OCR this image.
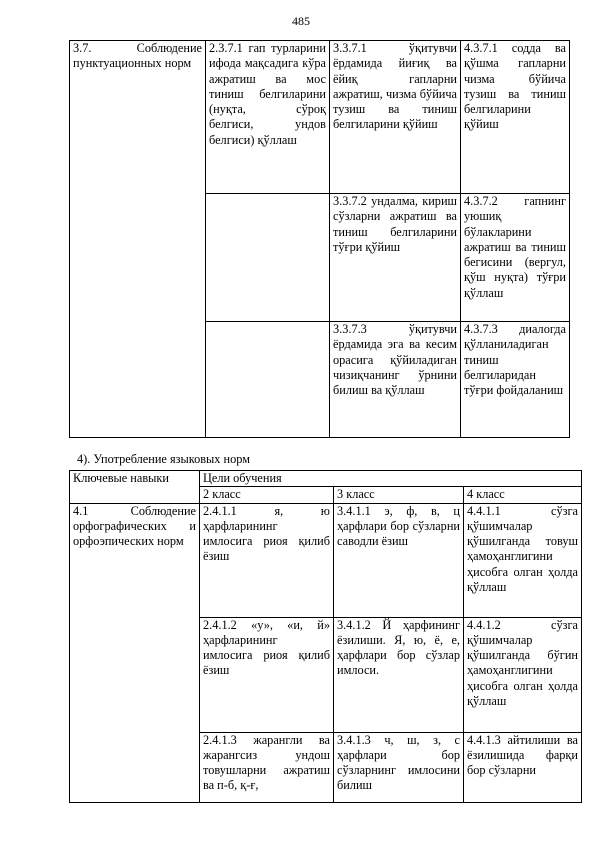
485
3.7. Соблюдение пунктуационных норм	2.3.7.1 гап турларини ифода мақсадига кўра ажратиш ва мос тиниш белгиларини (нуқта, сўроқ белгиси, ундов белгиси) қўллаш	3.3.7.1 ўқитувчи ёрдамида йиғиқ ва ёйиқ гапларни ажратиш, чизма бўйича тузиш ва тиниш белгиларини қўйиш	4.3.7.1 содда ва қўшма гапларни чизма бўйича тузиш ва тиниш белгиларини қўйиш
		3.3.7.2 ундалма, кириш сўзларни ажратиш ва тиниш белгиларини тўғри қўйиш	4.3.7.2 гапнинг уюшиқ бўлакларини ажратиш ва тиниш бегисини (вергул, қўш нуқта) тўғри қўллаш
		3.3.7.3 ўқитувчи ёрдамида эга ва кесим орасига қўйиладиган чизиқчанинг ўрнини билиш ва қўллаш	4.3.7.3 диалогда қўлланиладиган тиниш белгиларидан тўғри фойдаланиш
4). Употребление языковых норм
Ключевые навыки	Цели обучения		
	2 класс	3 класс	4 класс
4.1 Соблюдение орфографических и орфоэпических норм	2.4.1.1 я, ю ҳарфларининг имлосига риоя қилиб ёзиш	3.4.1.1 э, ф, в, ц ҳарфлари бор сўзларни саводли ёзиш	4.4.1.1 сўзга қўшимчалар қўшилганда товуш ҳамоҳанглигини ҳисобга олган ҳолда қўллаш
	2.4.1.2 «у», «и, й» ҳарфларининг имлосига риоя қилиб ёзиш	3.4.1.2 Й ҳарфининг ёзилиши. Я, ю, ё, е, ҳарфлари бор сўзлар имлоси.	4.4.1.2 сўзга қўшимчалар қўшилганда бўгин ҳамоҳанглигини ҳисобга олган ҳолда қўллаш
	2.4.1.3 жарангли ва жарангсиз ундош товушларни ажратиш ва п-б, қ-ғ,	3.4.1.3 ч, ш, з, с ҳарфлари бор сўзларнинг имлосини билиш	4.4.1.3 айтилиши ва ёзилишида фарқи бор сўзларни
